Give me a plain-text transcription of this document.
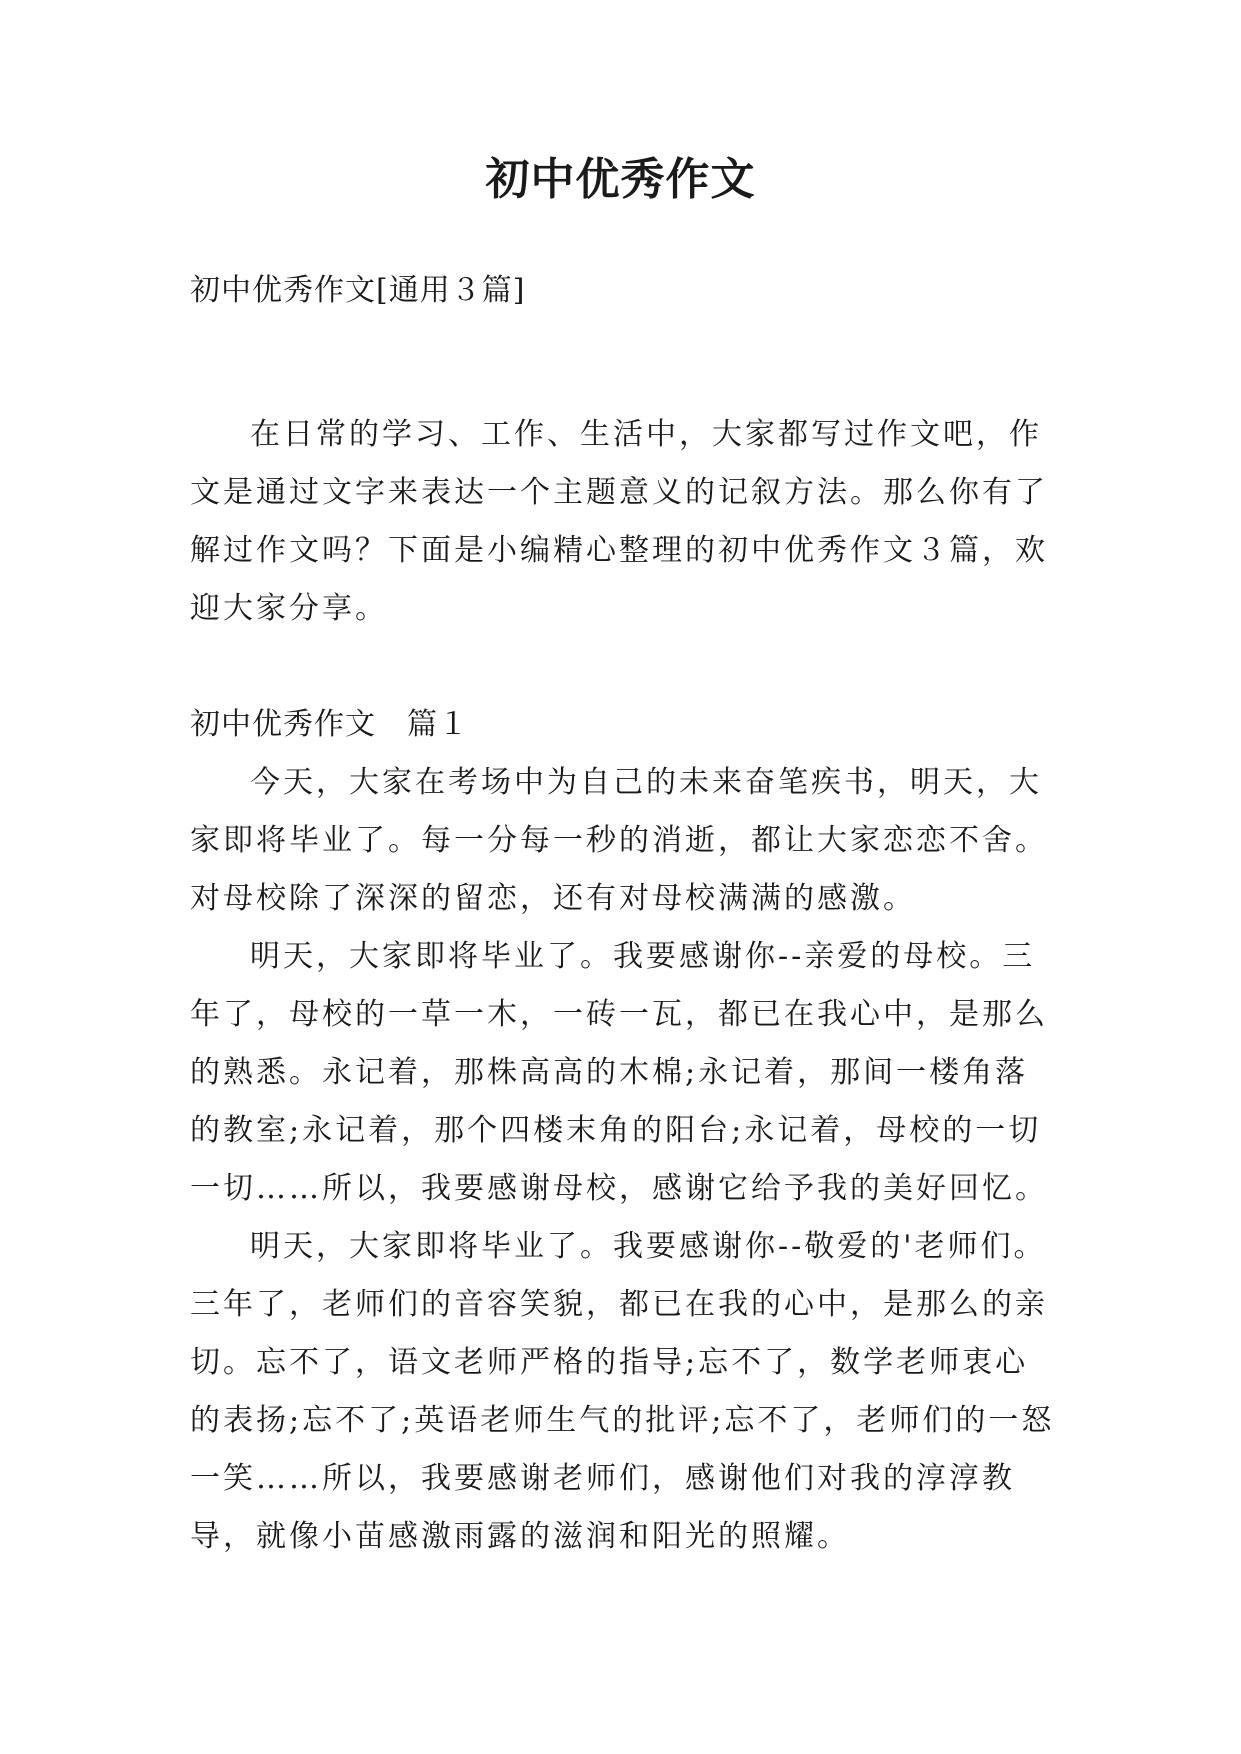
初中优秀作文

初中优秀作文[通用３篇]

在日常的学习、工作、生活中，大家都写过作文吧，作文是通过文字来表达一个主题意义的记叙方法。那么你有了解过作文吗？下面是小编精心整理的初中优秀作文３篇，欢迎大家分享。

初中优秀作文　篇１

今天，大家在考场中为自己的未来奋笔疾书，明天，大家即将毕业了。每一分每一秒的消逝，都让大家恋恋不舍。对母校除了深深的留恋，还有对母校满满的感激。

明天，大家即将毕业了。我要感谢你--亲爱的母校。三年了，母校的一草一木，一砖一瓦，都已在我心中，是那么的熟悉。永记着，那株高高的木棉;永记着，那间一楼角落的教室;永记着，那个四楼末角的阳台;永记着，母校的一切一切……所以，我要感谢母校，感谢它给予我的美好回忆。

明天，大家即将毕业了。我要感谢你--敬爱的'老师们。三年了，老师们的音容笑貌，都已在我的心中，是那么的亲切。忘不了，语文老师严格的指导;忘不了，数学老师衷心的表扬;忘不了;英语老师生气的批评;忘不了，老师们的一怒一笑……所以，我要感谢老师们，感谢他们对我的淳淳教导，就像小苗感激雨露的滋润和阳光的照耀。
